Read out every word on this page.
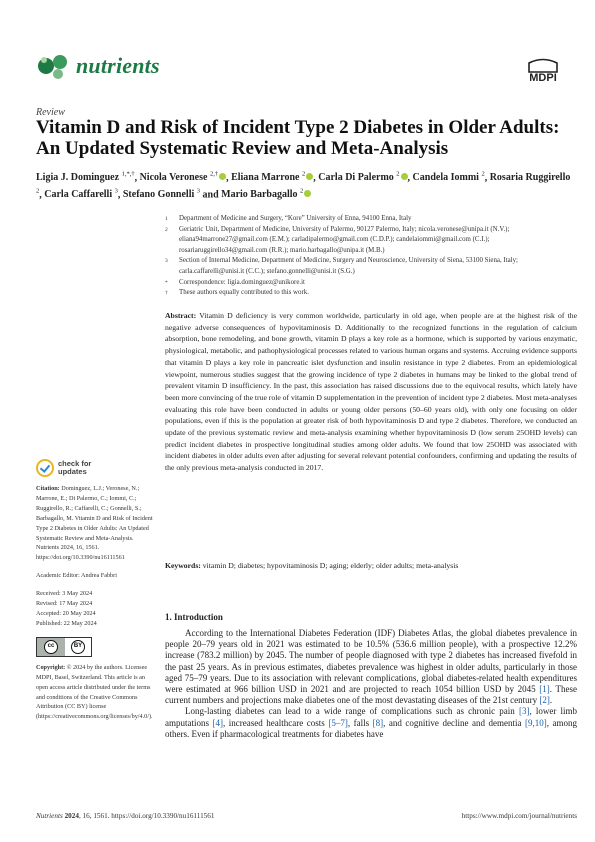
nutrients	MDPI
Review
Vitamin D and Risk of Incident Type 2 Diabetes in Older Adults: An Updated Systematic Review and Meta-Analysis
Ligia J. Dominguez $^{1,*,\dagger}$, Nicola Veronese $^{2,\dagger}$ , Eliana Marrone $^2$ , Carla Di Palermo $^2$ , Candela Iommi $^2$, Rosaria Ruggirello $^2$, Carla Caffarelli $^3$, Stefano Gonnelli $^3$ and Mario Barbagallo $^2$
1	Department of Medicine and Surgery, “Kore” University of Enna, 94100 Enna, Italy
2	Geriatric Unit, Department of Medicine, University of Palermo, 90127 Palermo, Italy; nicola.veronese@unipa.it (N.V.); eliana94marrone27@gmail.com (E.M.); carladipalermo@gmail.com (C.D.P.); candelaiommi@gmail.com (C.I.); rosariaruggirello34@gmail.com (R.R.); mario.barbagallo@unipa.it (M.B.)
3	Section of Internal Medicine, Department of Medicine, Surgery and Neuroscience, University of Siena, 53100 Siena, Italy; carla.caffarelli@unisi.it (C.C.); stefano.gonnelli@unisi.it (S.G.)
*	Correspondence: ligia.dominguez@unikore.it
†	These authors equally contributed to this work.
Abstract: Vitamin D deficiency is very common worldwide, particularly in old age, when people are at the highest risk of the negative adverse consequences of hypovitaminosis D. Additionally to the recognized functions in the regulation of calcium absorption, bone remodeling, and bone growth, vitamin D plays a key role as a hormone, which is supported by various enzymatic, physiological, metabolic, and pathophysiological processes related to various human organs and systems. Accruing evidence supports that vitamin D plays a key role in pancreatic islet dysfunction and insulin resistance in type 2 diabetes. From an epidemiological viewpoint, numerous studies suggest that the growing incidence of type 2 diabetes in humans may be linked to the global trend of prevalent vitamin D insufficiency. In the past, this association has raised discussions due to the equivocal results, which lately have been more convincing of the true role of vitamin D supplementation in the prevention of incident type 2 diabetes. Most meta-analyses evaluating this role have been conducted in adults or young older persons (50–60 years old), with only one focusing on older populations, even if this is the population at greater risk of both hypovitaminosis D and type 2 diabetes. Therefore, we conducted an update of the previous systematic review and meta-analysis examining whether hypovitaminosis D (low serum 25OHD levels) can predict incident diabetes in prospective longitudinal studies among older adults. We found that low 25OHD was associated with incident diabetes in older adults even after adjusting for several relevant potential confounders, confirming and updating the results of the only previous meta-analysis conducted in 2017.
Keywords: vitamin D; diabetes; hypovitaminosis D; aging; elderly; older adults; meta-analysis
check for
updates
Citation: Dominguez, L.J.; Veronese, N.; Marrone, E.; Di Palermo, C.; Iommi, C.; Ruggirello, R.; Caffarelli, C.; Gonnelli, S.; Barbagallo, M. Vitamin D and Risk of Incident Type 2 Diabetes in Older Adults: An Updated Systematic Review and Meta-Analysis. Nutrients 2024, 16, 1561. https://doi.org/10.3390/nu16111561
Academic Editor: Andrea Fabbri
Received: 3 May 2024
Revised: 17 May 2024
Accepted: 20 May 2024
Published: 22 May 2024
cc	BY
Copyright: © 2024 by the authors. Licensee MDPI, Basel, Switzerland. This article is an open access article distributed under the terms and conditions of the Creative Commons Attribution (CC BY) license (https://creativecommons.org/licenses/by/4.0/).
1. Introduction

According to the International Diabetes Federation (IDF) Diabetes Atlas, the global diabetes prevalence in people 20–79 years old in 2021 was estimated to be 10.5% (536.6 million people), with a prospective 12.2% increase (783.2 million) by 2045. The number of people diagnosed with type 2 diabetes has increased fivefold in the past 25 years. As in previous estimates, diabetes prevalence was highest in older adults, particularly in those aged 75–79 years. Due to its association with relevant complications, global diabetes-related health expenditures were estimated at 966 billion USD in 2021 and are projected to reach 1054 billion USD by 2045 [1]. These current numbers and projections make diabetes one of the most devastating diseases of the 21st century [2].

Long-lasting diabetes can lead to a wide range of complications such as chronic pain [3], lower limb amputations [4], increased healthcare costs [5–7], falls [8], and cognitive decline and dementia [9,10], among others. Even if pharmacological treatments for diabetes have

Nutrients 2024, 16, 1561. https://doi.org/10.3390/nu16111561	https://www.mdpi.com/journal/nutrients
